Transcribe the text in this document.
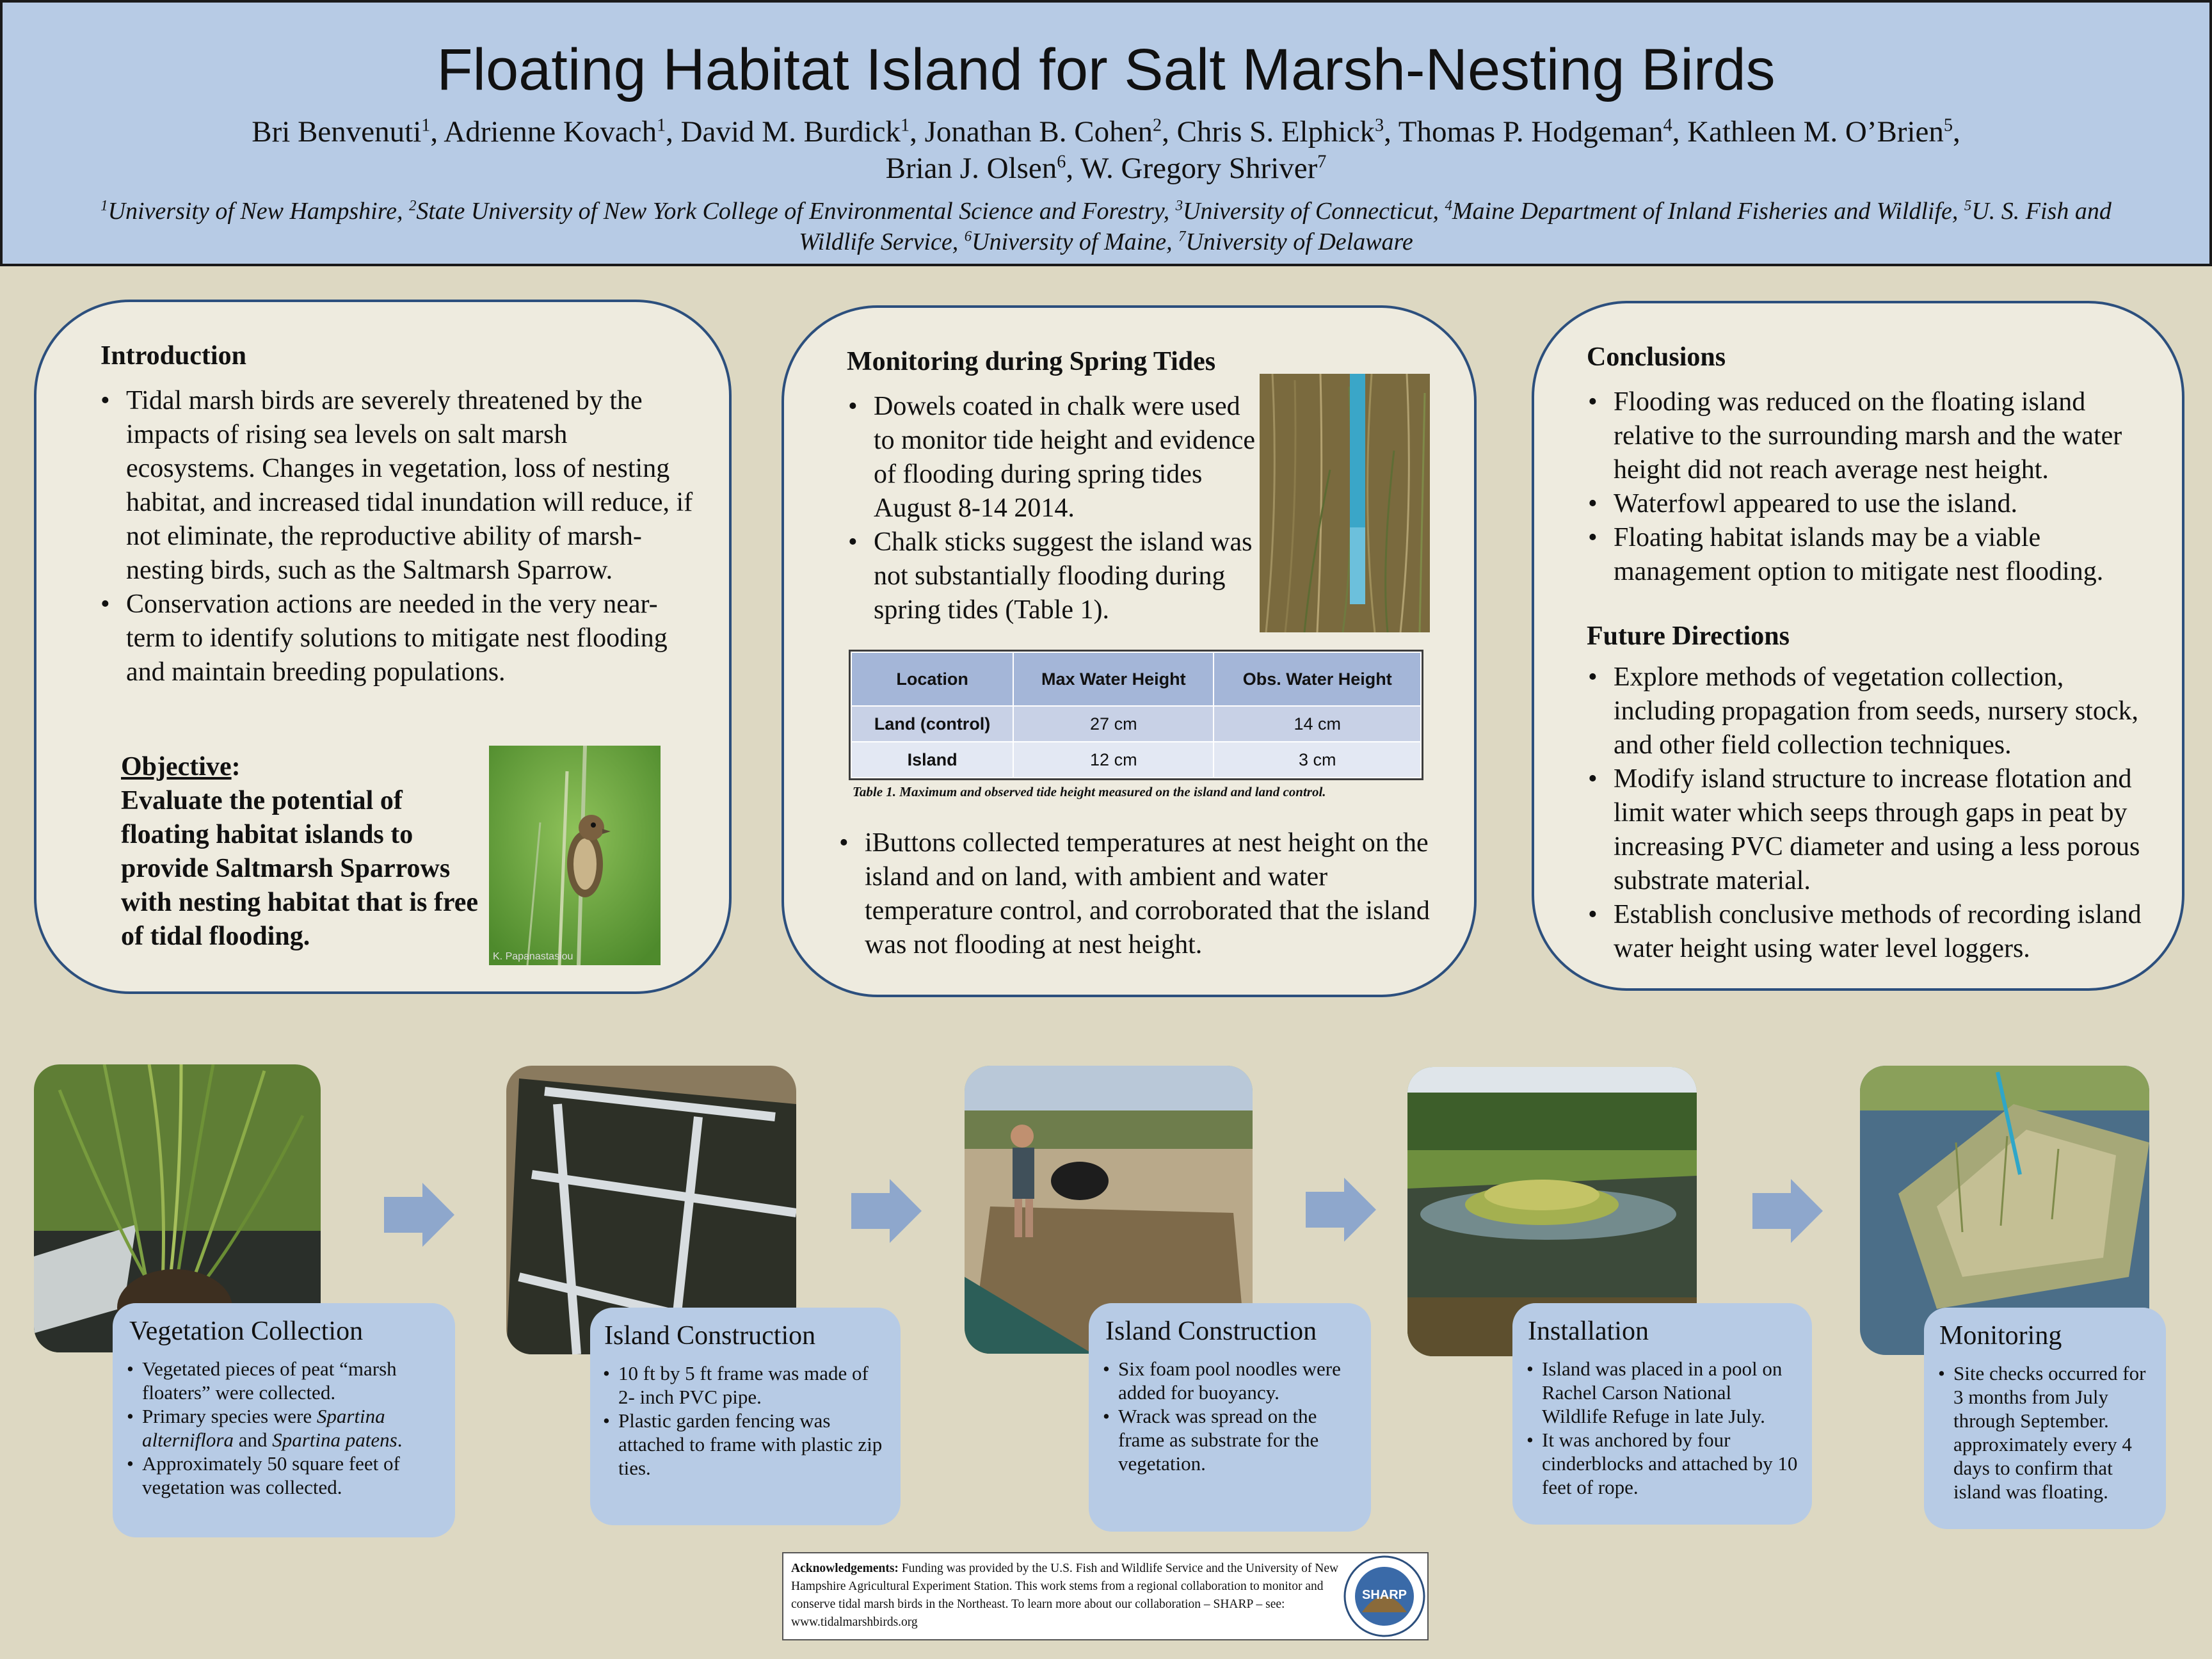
Floating Habitat Island for Salt Marsh-Nesting Birds
Bri Benvenuti$^1$, Adrienne Kovach$^1$, David M. Burdick$^1$, Jonathan B. Cohen$^2$, Chris S. Elphick$^3$, Thomas P. Hodgeman$^4$, Kathleen M. O’Brien$^5$,
Brian J. Olsen$^6$, W. Gregory Shriver$^7$
$^1$University of New Hampshire, $^2$State University of New York College of Environmental Science and Forestry, $^3$University of Connecticut, $^4$Maine Department of Inland Fisheries and Wildlife, $^5$U. S. Fish and
Wildlife Service, $^6$University of Maine, $^7$University of Delaware
Introduction
• Tidal marsh birds are severely threatened by the impacts of rising sea levels on salt marsh ecosystems. Changes in vegetation, loss of nesting habitat, and increased tidal inundation will reduce, if not eliminate, the reproductive ability of marsh-nesting birds, such as the Saltmarsh Sparrow.
• Conservation actions are needed in the very near-term to identify solutions to mitigate nest flooding and maintain breeding populations.
Objective:
Evaluate the potential of floating habitat islands to provide Saltmarsh Sparrows with nesting habitat that is free of tidal flooding.
K. Papanastasiou
Monitoring during Spring Tides
• Dowels coated in chalk were used to monitor tide height and evidence of flooding during spring tides August 8-14 2014.
• Chalk sticks suggest the island was not substantially flooding during spring tides (Table 1).
Table 1. Maximum and observed tide height measured on the island and land control.
• iButtons collected temperatures at nest height on the island and on land, with ambient and water temperature control, and corroborated that the island was not flooding at nest height.
Location	Max Water Height	Obs. Water Height
Land (control)	27 cm	14 cm
Island	12 cm	3 cm
Conclusions
• Flooding was reduced on the floating island relative to the surrounding marsh and the water height did not reach average nest height.
• Waterfowl appeared to use the island.
• Floating habitat islands may be a viable management option to mitigate nest flooding.
Future Directions
• Explore methods of vegetation collection, including propagation from seeds, nursery stock, and other field collection techniques.
• Modify island structure to increase flotation and limit water which seeps through gaps in peat by increasing PVC diameter and using a less porous substrate material.
• Establish conclusive methods of recording island water height using water level loggers.
Vegetation Collection
• Vegetated pieces of peat “marsh floaters” were collected.
• Primary species were Spartina alterniflora and Spartina patens.
• Approximately 50 square feet of vegetation was collected.
Island Construction
• 10 ft by 5 ft frame was made of 2- inch PVC pipe.
• Plastic garden fencing was attached to frame with plastic zip ties.
Island Construction
• Six foam pool noodles were added for buoyancy.
• Wrack was spread on the frame as substrate for the vegetation.
Installation
• Island was placed in a pool on Rachel Carson National Wildlife Refuge in late July.
• It was anchored by four cinderblocks and attached by 10 feet of rope.
Monitoring
• Site checks occurred for 3 months from July through September. approximately every 4 days to confirm that island was floating.
Acknowledgements: Funding was provided by the U.S. Fish and Wildlife Service and the University of New Hampshire Agricultural Experiment Station. This work stems from a regional collaboration to monitor and conserve tidal marsh birds in the Northeast. To learn more about our collaboration – SHARP – see: www.tidalmarshbirds.org
SHARP
